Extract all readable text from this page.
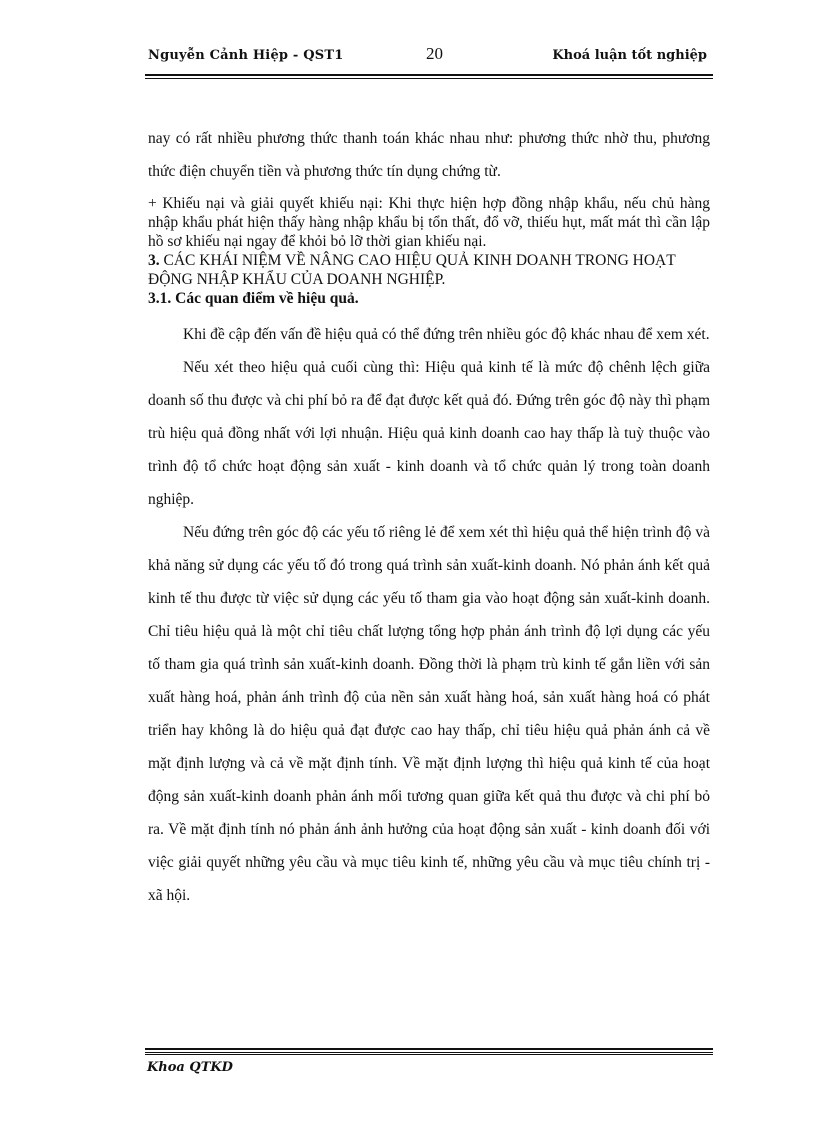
Nguyễn Cảnh Hiệp - QST1	20	Khoá luận tốt nghiệp

nay có rất nhiều phương thức thanh toán khác nhau như: phương thức nhờ thu, phương thức điện chuyển tiền và phương thức tín dụng chứng từ.

+ Khiếu nại và giải quyết khiếu nại: Khi thực hiện hợp đồng nhập khẩu, nếu chủ hàng nhập khẩu phát hiện thấy hàng nhập khẩu bị tổn thất, đổ vỡ, thiếu hụt, mất mát thì cần lập hồ sơ khiếu nại ngay để khỏi bỏ lỡ thời gian khiếu nại.

3. CÁC KHÁI NIỆM VỀ NÂNG CAO HIỆU QUẢ KINH DOANH TRONG HOẠT ĐỘNG NHẬP KHẨU CỦA DOANH NGHIỆP.

3.1. Các quan điểm về hiệu quả.

Khi đề cập đến vấn đề hiệu quả có thể đứng trên nhiều góc độ khác nhau để xem xét.

Nếu xét theo hiệu quả cuối cùng thì: Hiệu quả kinh tế là mức độ chênh lệch giữa doanh số thu được và chi phí bỏ ra để đạt được kết quả đó. Đứng trên góc độ này thì phạm trù hiệu quả đồng nhất với lợi nhuận. Hiệu quả kinh doanh cao hay thấp là tuỳ thuộc vào trình độ tổ chức hoạt động sản xuất - kinh doanh và tổ chức quản lý trong toàn doanh nghiệp.

Nếu đứng trên góc độ các yếu tố riêng lẻ để xem xét thì hiệu quả thể hiện trình độ và khả năng sử dụng các yếu tố đó trong quá trình sản xuất-kinh doanh. Nó phản ánh kết quả kinh tế thu được từ việc sử dụng các yếu tố tham gia vào hoạt động sản xuất-kinh doanh. Chỉ tiêu hiệu quả là một chỉ tiêu chất lượng tổng hợp phản ánh trình độ lợi dụng các yếu tố tham gia quá trình sản xuất-kinh doanh. Đồng thời là phạm trù kinh tế gắn liền với sản xuất hàng hoá, phản ánh trình độ của nền sản xuất hàng hoá, sản xuất hàng hoá có phát triển hay không là do hiệu quả đạt được cao hay thấp, chỉ tiêu hiệu quả phản ánh cả về mặt định lượng và cả về mặt định tính. Về mặt định lượng thì hiệu quả kinh tế của hoạt động sản xuất-kinh doanh phản ánh mối tương quan giữa kết quả thu được và chi phí bỏ ra. Về mặt định tính nó phản ánh ảnh hưởng của hoạt động sản xuất - kinh doanh đối với việc giải quyết những yêu cầu và mục tiêu kinh tế, những yêu cầu và mục tiêu chính trị - xã hội.

Khoa QTKD
